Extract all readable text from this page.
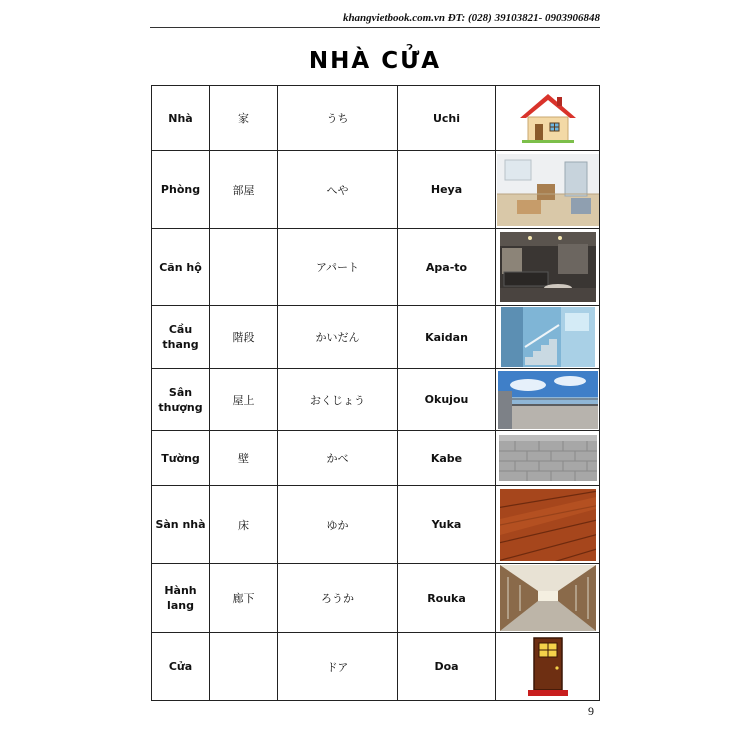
khangvietbook.com.vn ĐT: (028) 39103821- 0903906848
NHÀ CỬA
Nhà	家	うち	Uchi	

Phòng	部屋	へや	Heya	

Căn hộ		アパート	Apa-to	

Cầu thang	階段	かいだん	Kaidan	

Sân thượng	屋上	おくじょう	Okujou	

Tường	壁	かべ	Kabe	

Sàn nhà	床	ゆか	Yuka	

Hành lang	廊下	ろうか	Rouka	

Cửa		ドア	Doa	
9
